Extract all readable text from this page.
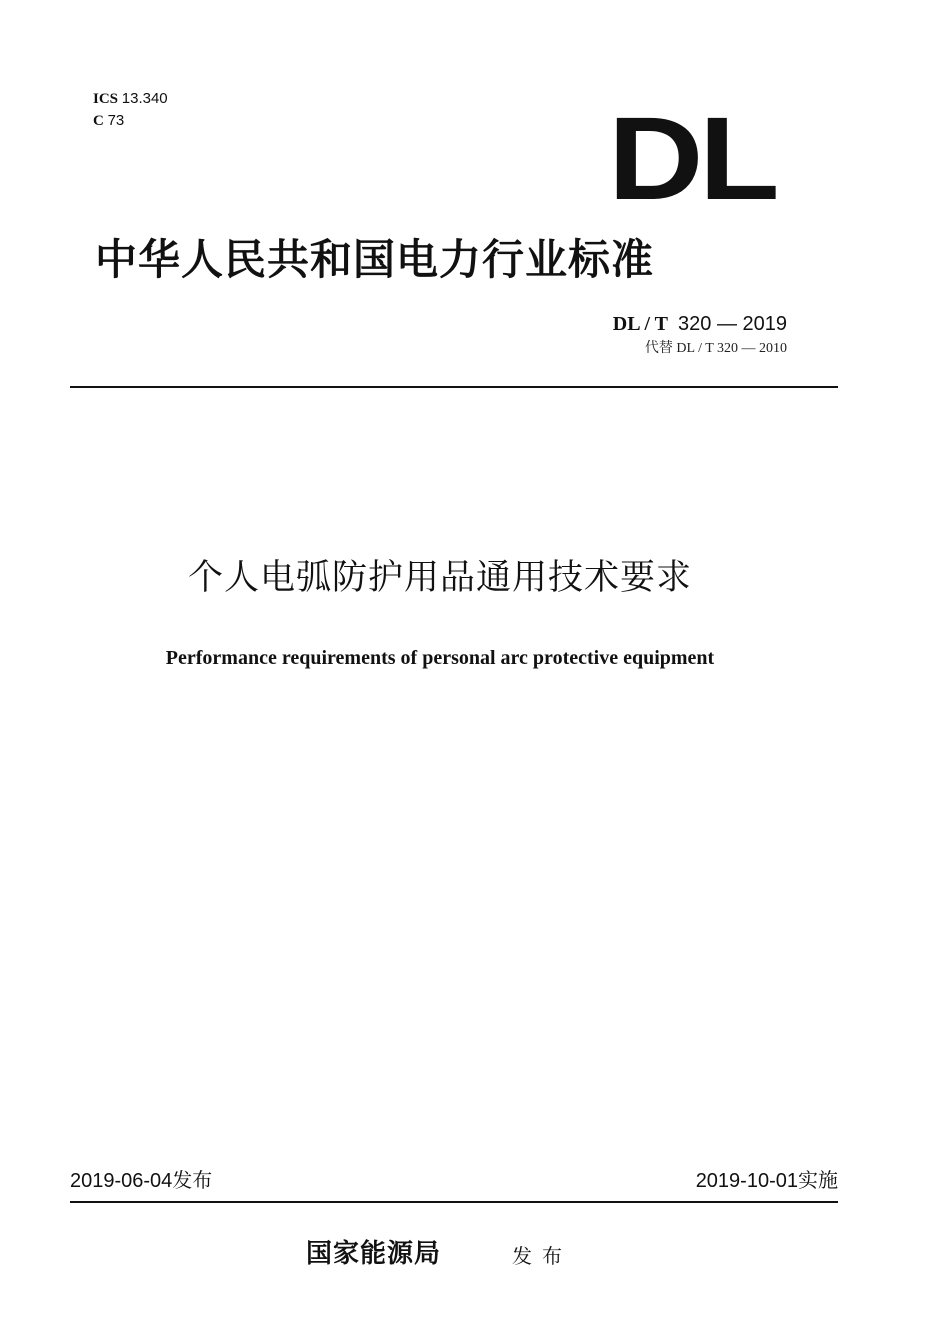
ICS 13.340
C 73	DL
中华人民共和国电力行业标准
DL / T 320 — 2019
代替 DL / T 320 — 2010
个人电弧防护用品通用技术要求
Performance requirements of personal arc protective equipment
2019-06-04发布	2019-10-01实施
国家能源局	发布
